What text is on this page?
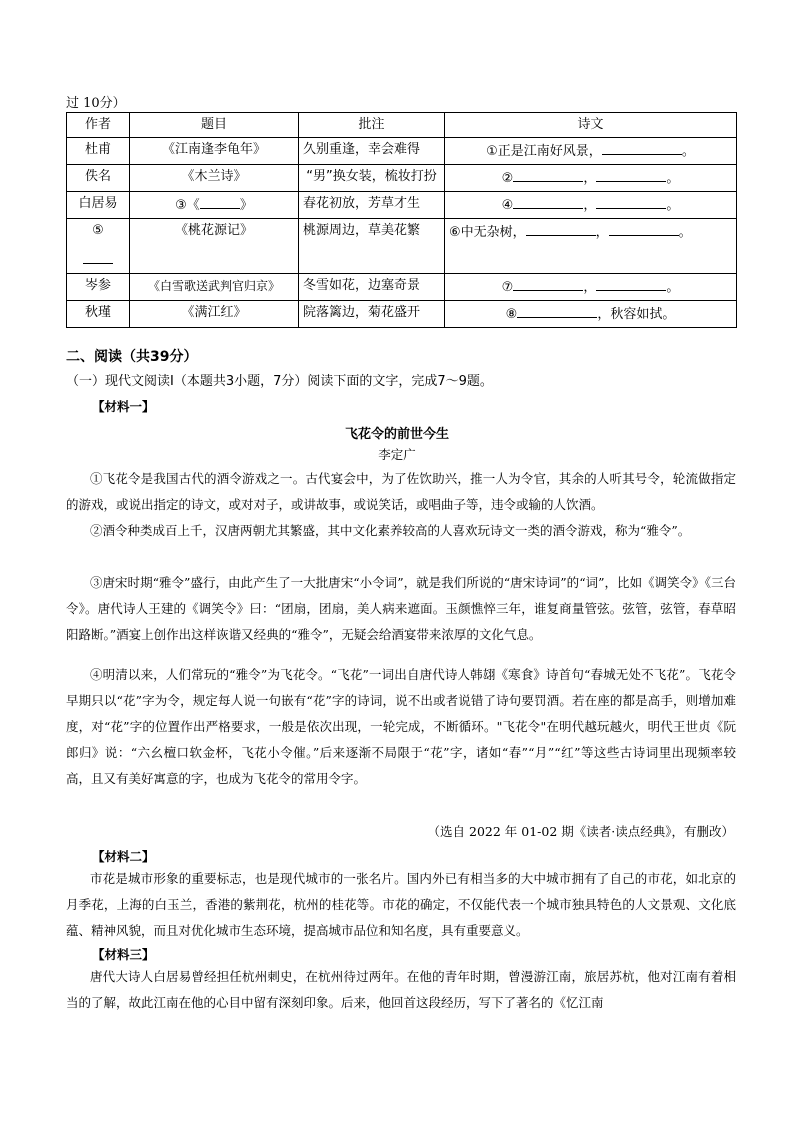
过 10分）
作者	题目	批注	诗文
杜甫	《江南逢李龟年》	久别重逢，幸会难得	①正是江南好风景， 。
佚名	《木兰诗》	“男”换女装，梳妆打扮	② ， 。
白居易	③《 》	春花初放，芳草才生	④ ， 。

⑤	《桃花源记》	桃源周边，草美花繁	⑥中无杂树， ， 。
岑参	《白雪歌送武判官归京》	冬雪如花，边塞奇景	⑦ ， 。
秋瑾	《满江红》	院落篱边，菊花盛开	⑧ ，秋容如拭。
二、阅读（共39分）
（一）现代文阅读Ⅰ（本题共3小题，7分）阅读下面的文字，完成7～9题。
【材料一】
飞花令的前世今生
李定广
①飞花令是我国古代的酒令游戏之一。古代宴会中，为了佐饮助兴，推一人为令官，其余的人听其号令，轮流做指定的游戏，或说出指定的诗文，或对对子，或讲故事，或说笑话，或唱曲子等，违令或输的人饮酒。
②酒令种类成百上千，汉唐两朝尤其繁盛，其中文化素养较高的人喜欢玩诗文一类的酒令游戏，称为“雅令”。
③唐宋时期“雅令”盛行，由此产生了一大批唐宋“小令词”，就是我们所说的“唐宋诗词”的“词”，比如《调笑令》《三台令》。唐代诗人王建的《调笑令》曰：“团扇，团扇，美人病来遮面。玉颜憔悴三年，谁复商量管弦。弦管，弦管，春草昭阳路断。”酒宴上创作出这样诙谐又经典的“雅令”，无疑会给酒宴带来浓厚的文化气息。
④明清以来，人们常玩的“雅令”为飞花令。“飞花”一词出自唐代诗人韩翃《寒食》诗首句“春城无处不飞花”。飞花令早期只以“花”字为令，规定每人说一句嵌有“花”字的诗词，说不出或者说错了诗句要罚酒。若在座的都是高手，则增加难度，对“花”字的位置作出严格要求，一般是依次出现，一轮完成，不断循环。"飞花令"在明代越玩越火，明代王世贞《阮郎归》说：“六幺檀口软金杯，飞花小令催。”后来逐渐不局限于“花”字，诸如“春”“月”“红”等这些古诗词里出现频率较高，且又有美好寓意的字，也成为飞花令的常用令字。
（选自 2022 年 01-02 期《读者·读点经典》，有删改）
【材料二】
市花是城市形象的重要标志，也是现代城市的一张名片。国内外已有相当多的大中城市拥有了自己的市花，如北京的月季花，上海的白玉兰，香港的紫荆花，杭州的桂花等。市花的确定，不仅能代表一个城市独具特色的人文景观、文化底蕴、精神风貌，而且对优化城市生态环境，提高城市品位和知名度，具有重要意义。
【材料三】
唐代大诗人白居易曾经担任杭州刺史，在杭州待过两年。在他的青年时期，曾漫游江南，旅居苏杭，他对江南有着相当的了解，故此江南在他的心目中留有深刻印象。后来，他回首这段经历，写下了著名的《忆江南
